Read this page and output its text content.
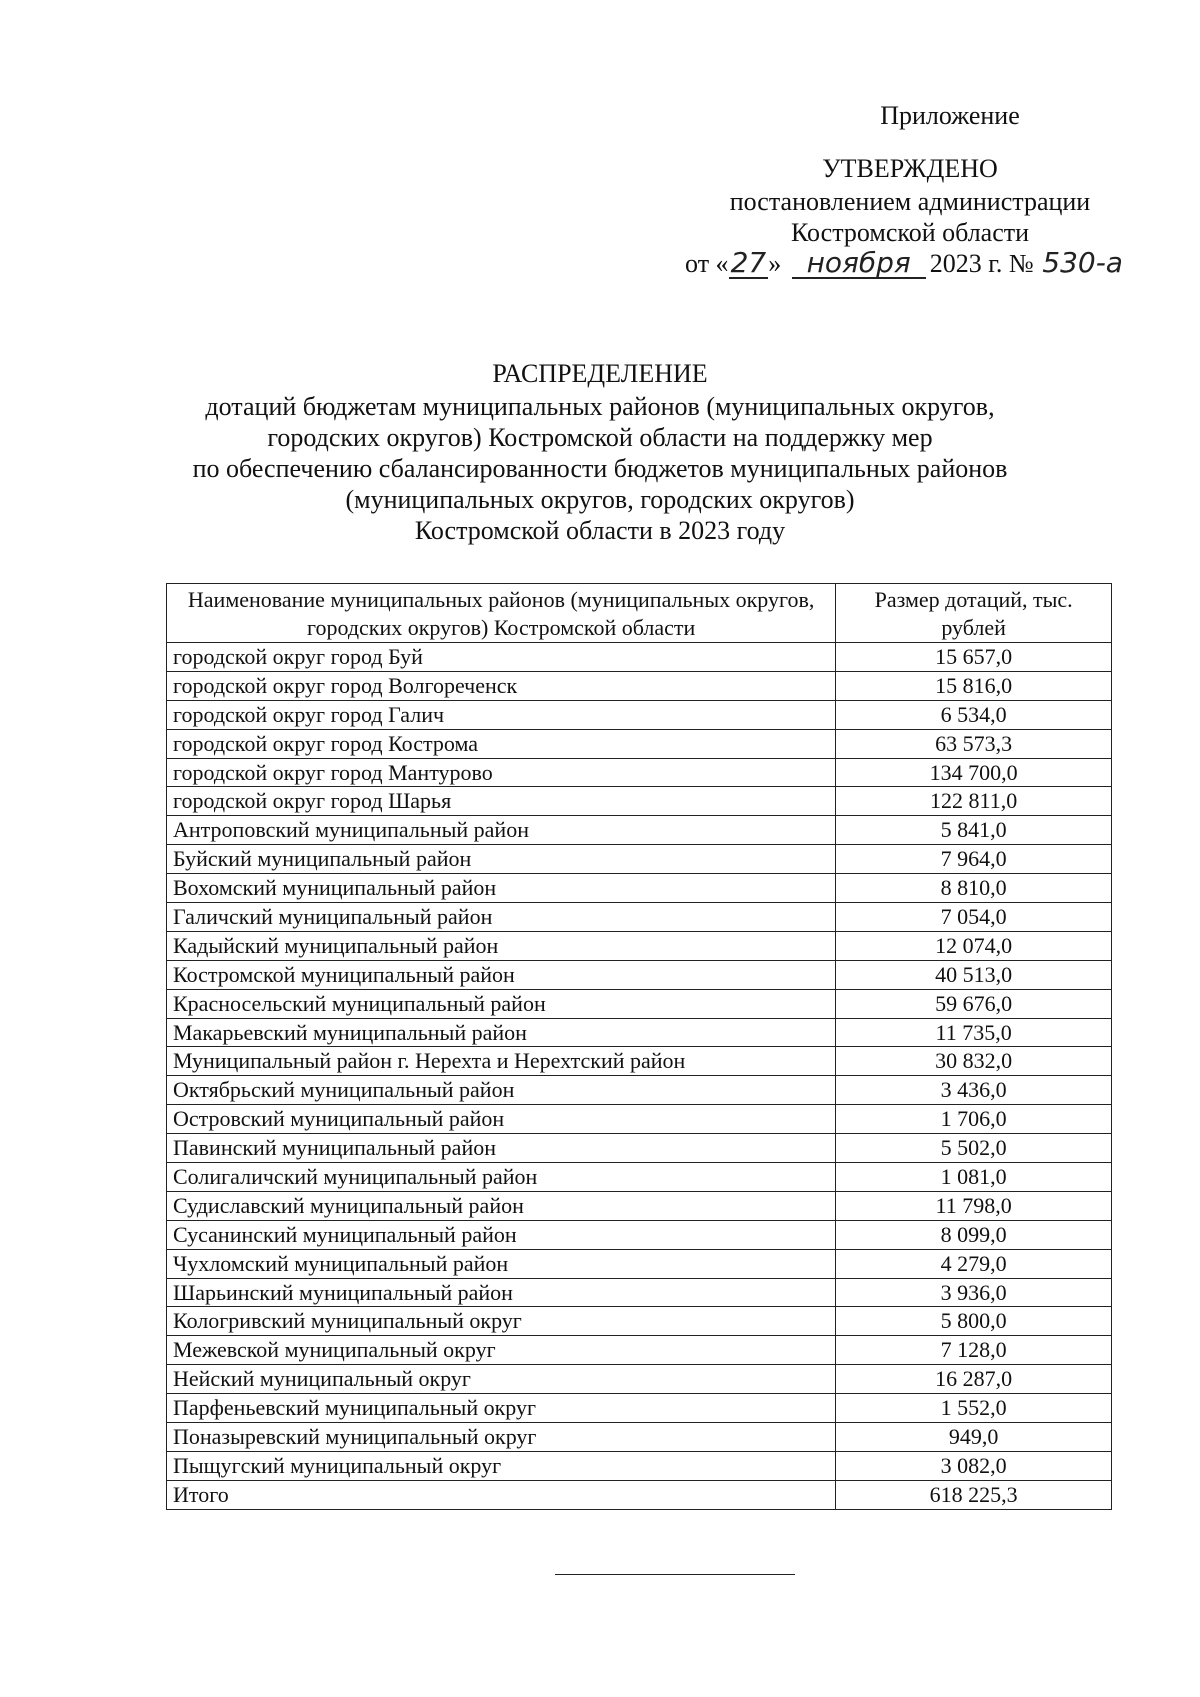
Приложение
УТВЕРЖДЕНО
постановлением администрации
Костромской области
от «27» ноября 2023 г. № 530-а
РАСПРЕДЕЛЕНИЕ
дотаций бюджетам муниципальных районов (муниципальных округов,
городских округов) Костромской области на поддержку мер
по обеспечению сбалансированности бюджетов муниципальных районов
(муниципальных округов, городских округов)
Костромской области в 2023 году
Наименование муниципальных районов (муниципальных округов, городских округов) Костромской области	Размер дотаций, тыс. рублей
городской округ город Буй	15 657,0
городской округ город Волгореченск	15 816,0
городской округ город Галич	6 534,0
городской округ город Кострома	63 573,3
городской округ город Мантурово	134 700,0
городской округ город Шарья	122 811,0
Антроповский муниципальный район	5 841,0
Буйский муниципальный район	7 964,0
Вохомский муниципальный район	8 810,0
Галичский муниципальный район	7 054,0
Кадыйский муниципальный район	12 074,0
Костромской муниципальный район	40 513,0
Красносельский муниципальный район	59 676,0
Макарьевский муниципальный район	11 735,0
Муниципальный район г. Нерехта и Нерехтский район	30 832,0
Октябрьский муниципальный район	3 436,0
Островский муниципальный район	1 706,0
Павинский муниципальный район	5 502,0
Солигаличский муниципальный район	1 081,0
Судиславский муниципальный район	11 798,0
Сусанинский муниципальный район	8 099,0
Чухломский муниципальный район	4 279,0
Шарьинский муниципальный район	3 936,0
Кологривский муниципальный округ	5 800,0
Межевской муниципальный округ	7 128,0
Нейский муниципальный округ	16 287,0
Парфеньевский муниципальный округ	1 552,0
Поназыревский муниципальный округ	949,0
Пыщугский муниципальный округ	3 082,0
Итого	618 225,3
